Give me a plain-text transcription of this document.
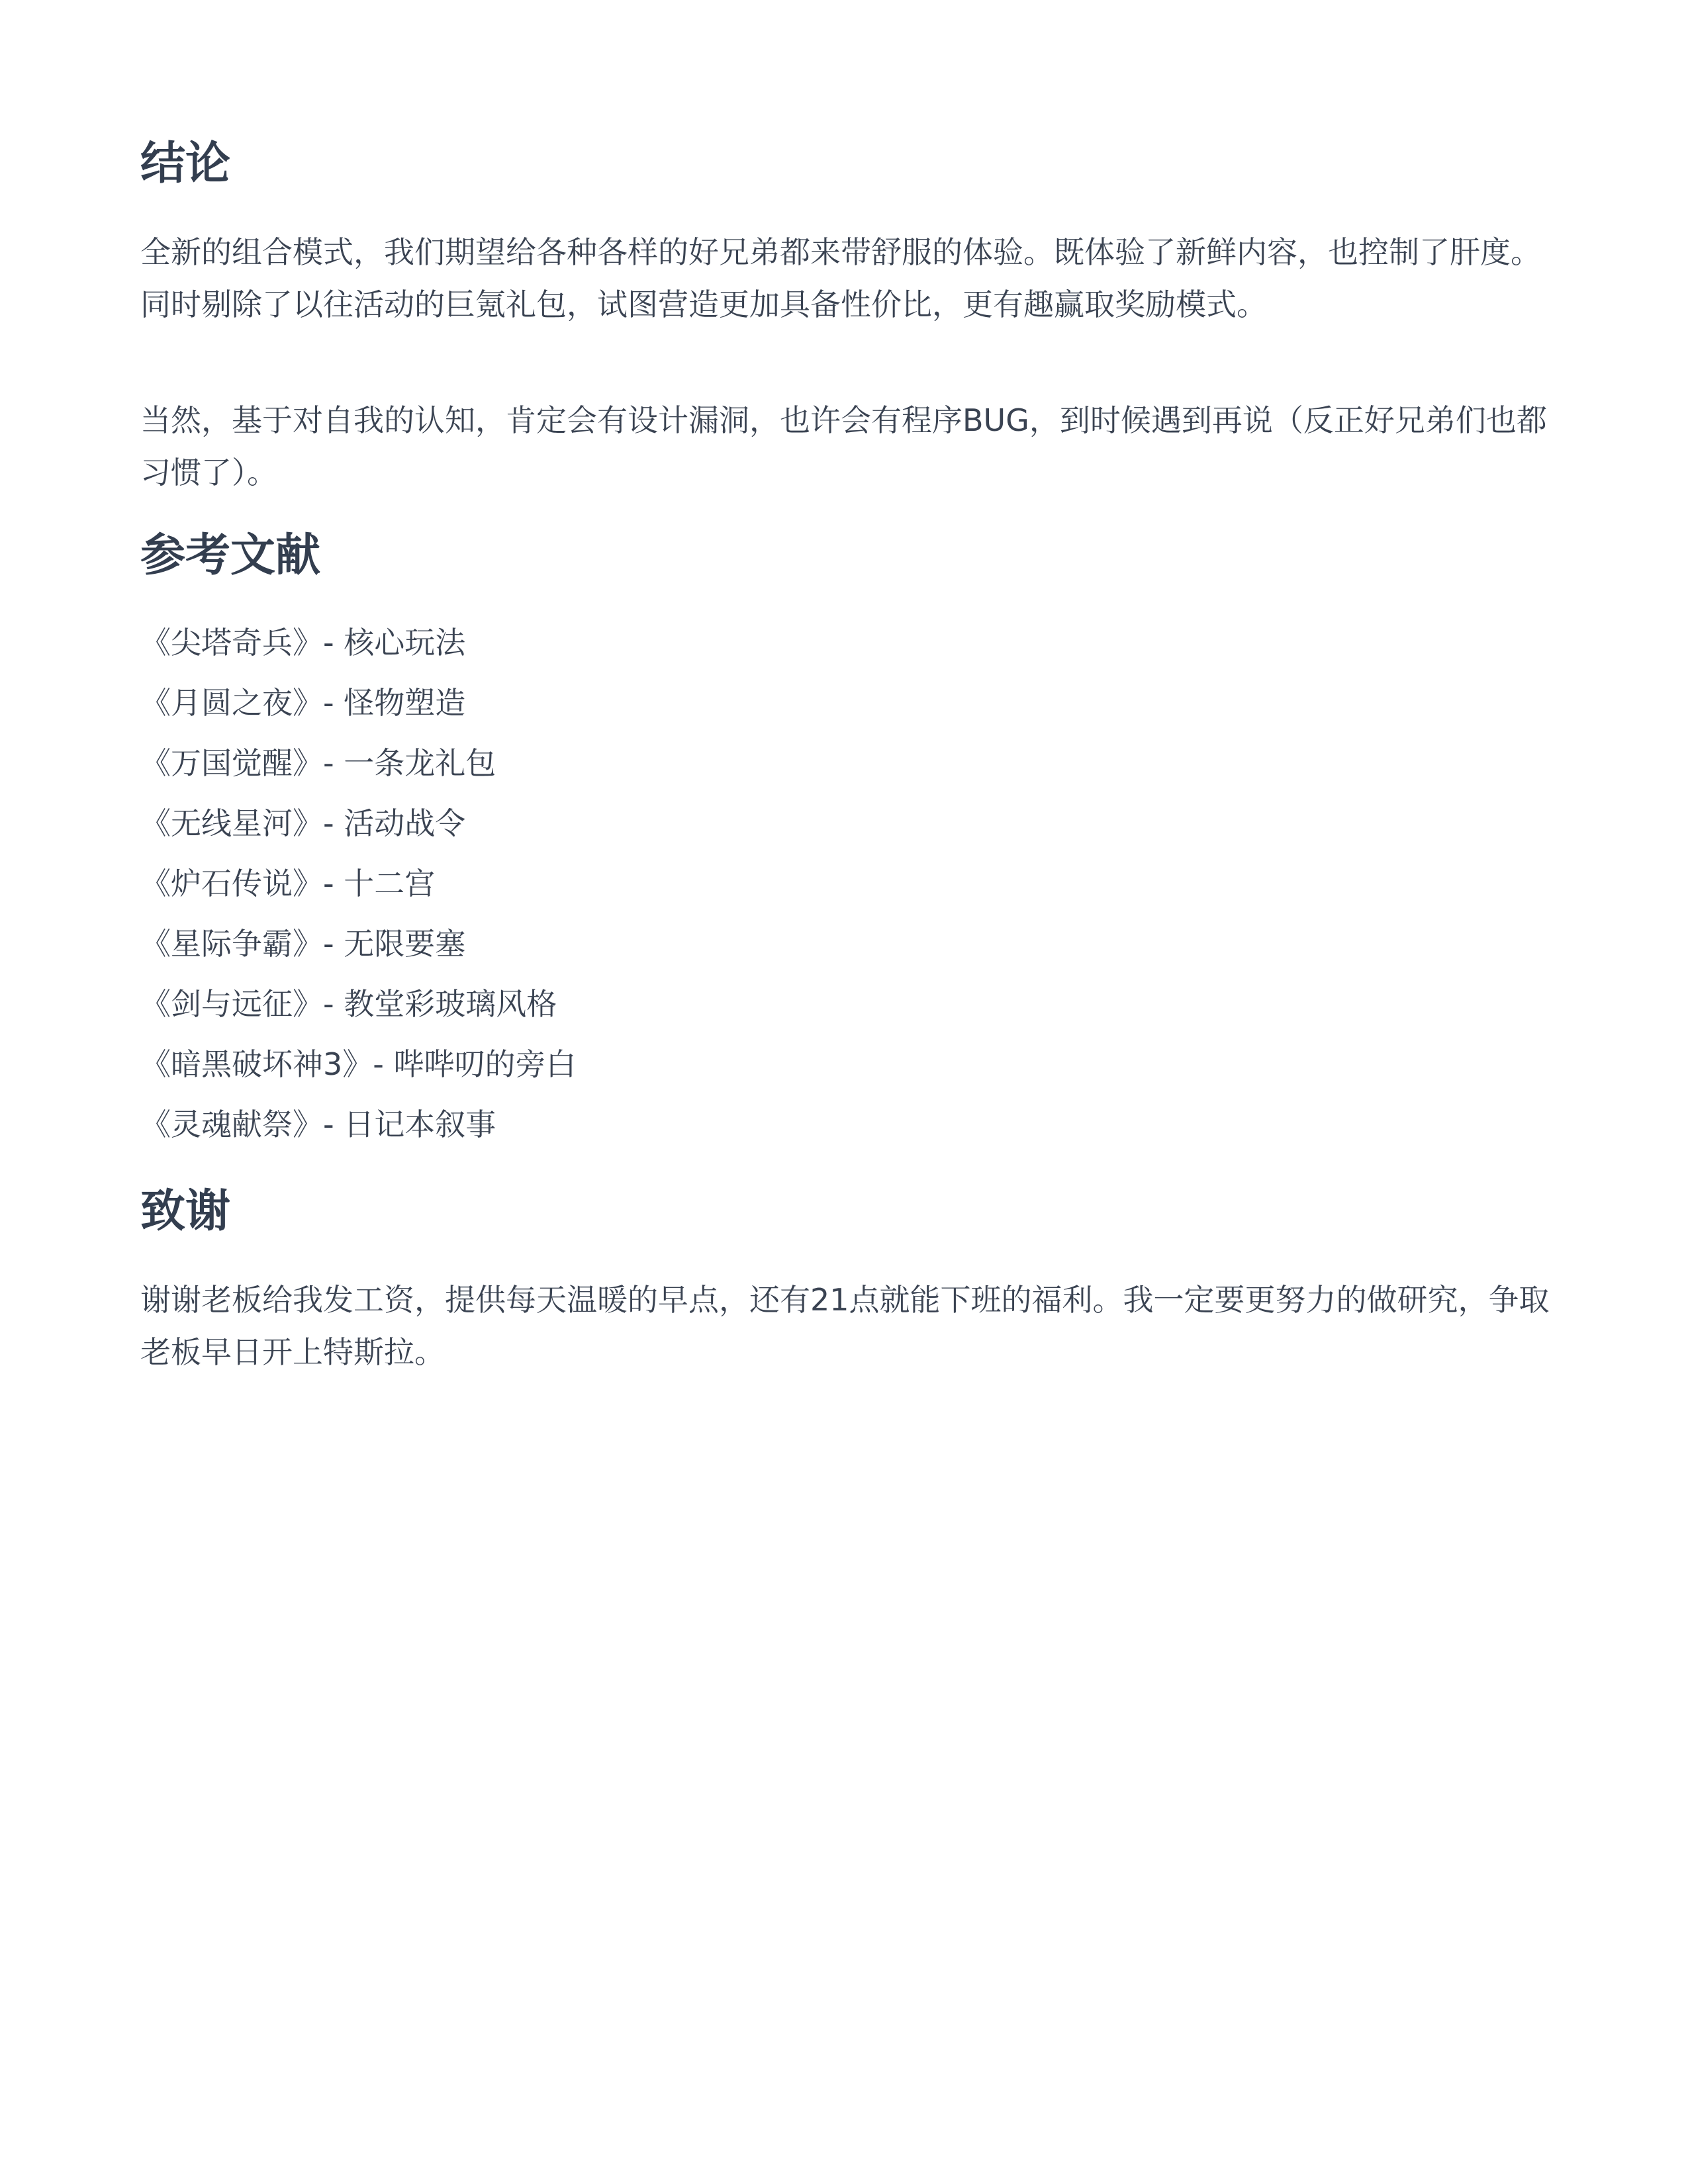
结论

全新的组合模式，我们期望给各种各样的好兄弟都来带舒服的体验。既体验了新鲜内容，也控制了肝度。同时剔除了以往活动的巨氪礼包，试图营造更加具备性价比，更有趣赢取奖励模式。

当然，基于对自我的认知，肯定会有设计漏洞，也许会有程序BUG，到时候遇到再说（反正好兄弟们也都习惯了）。

参考文献
《尖塔奇兵》- 核心玩法
《月圆之夜》- 怪物塑造
《万国觉醒》- 一条龙礼包
《无线星河》- 活动战令
《炉石传说》- 十二宫
《星际争霸》- 无限要塞
《剑与远征》- 教堂彩玻璃风格
《暗黑破坏神3》- 哔哔叨的旁白
《灵魂献祭》- 日记本叙事
致谢

谢谢老板给我发工资，提供每天温暖的早点，还有21点就能下班的福利。我一定要更努力的做研究，争取老板早日开上特斯拉。
